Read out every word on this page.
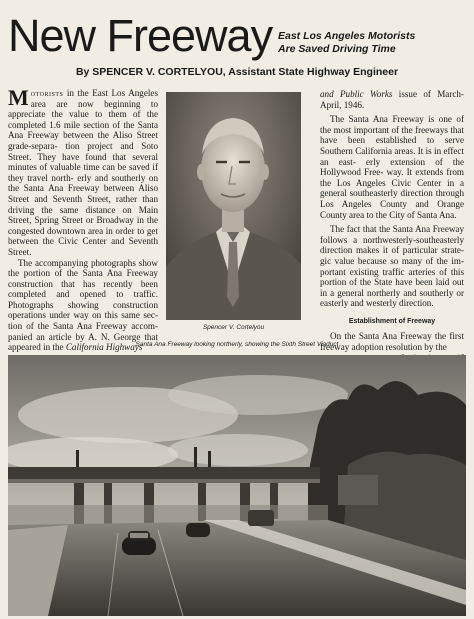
New Freeway East Los Angeles Motorists
Are Saved Driving Time
By SPENCER V. CORTELYOU, Assistant State Highway Engineer

Motorists in the East Los Angeles area are now beginning to appreciate the value to them of the completed 1.6 mile section of the Santa Ana Freeway between the Aliso Street grade-separa- tion project and Soto Street. They have found that several minutes of valuable time can be saved if they travel north- erly and southerly on the Santa Ana Freeway between Aliso Street and Seventh Street, rather than driving the same distance on Main Street, Spring Street or Broadway in the congested downtown area in order to get between the Civic Center and Seventh Street.

The accompanying photographs show the portion of the Santa Ana Freeway construction that has recently been completed and opened to traffic. Photographs showing construction operations under way on this same sec- tion of the Santa Ana Freeway accom- panied an article by A. N. George that appeared in the California Highways

Spencer V. Cortelyou

and Public Works issue of March- April, 1946.

The Santa Ana Freeway is one of the most important of the freeways that have been established to serve Southern California areas. It is in effect an east- erly extension of the Hollywood Free- way. It extends from the Los Angeles Civic Center in a general southeasterly direction through Los Angeles County and Orange County area to the City of Santa Ana.

The fact that the Santa Ana Freeway follows a northwesterly-southeasterly direction makes it of particular strate- gic value because so many of the im- portant existing traffic arteries of this portion of the State have been laid out in a general northerly and southerly or easterly and westerly direction.

Establishment of Freeway

On the Santa Ana Freeway the first freeway adoption resolution by the

Santa Ana Freeway looking northerly, showing the Sixth Street Viaduct
